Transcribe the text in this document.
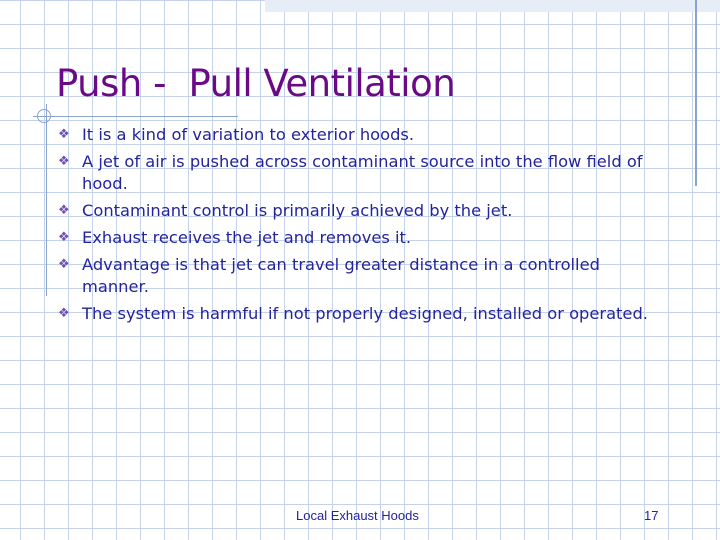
Push -  Pull Ventilation
❖ It is a kind of variation to exterior hoods.
❖ A jet of air is pushed across contaminant source into the flow field of hood.
❖ Contaminant control is primarily achieved by the jet.
❖ Exhaust receives the jet and removes it.
❖ Advantage is that jet can travel greater distance in a controlled manner.
❖ The system is harmful if not properly designed, installed or operated.
Local Exhaust Hoods	17
